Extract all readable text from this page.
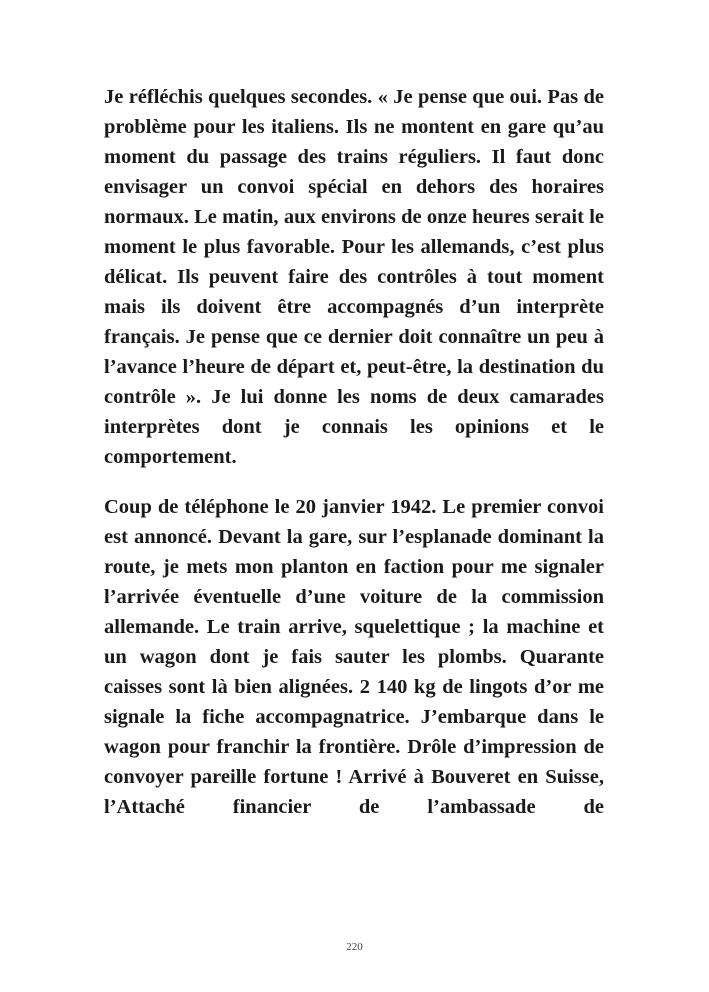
Je réfléchis quelques secondes. « Je pense que oui. Pas de problème pour les italiens. Ils ne montent en gare qu’au moment du passage des trains réguliers. Il faut donc envisager un convoi spécial en dehors des horaires normaux. Le matin, aux environs de onze heures serait le moment le plus favorable. Pour les allemands, c’est plus délicat. Ils peuvent faire des contrôles à tout moment mais ils doivent être accompagnés d’un interprète français. Je pense que ce dernier doit connaître un peu à l’avance l’heure de départ et, peut-être, la destination du contrôle ». Je lui donne les noms de deux camarades interprètes dont je connais les opinions et le comportement.

Coup de téléphone le 20 janvier 1942. Le premier convoi est annoncé. Devant la gare, sur l’esplanade dominant la route, je mets mon planton en faction pour me signaler l’arrivée éventuelle d’une voiture de la commission allemande. Le train arrive, squelettique ; la machine et un wagon dont je fais sauter les plombs. Quarante caisses sont là bien alignées. 2 140 kg de lingots d’or me signale la fiche accompagnatrice. J’embarque dans le wagon pour franchir la frontière. Drôle d’impression de convoyer pareille fortune ! Arrivé à Bouveret en Suisse, l’Attaché financier de l’ambassade de

220
